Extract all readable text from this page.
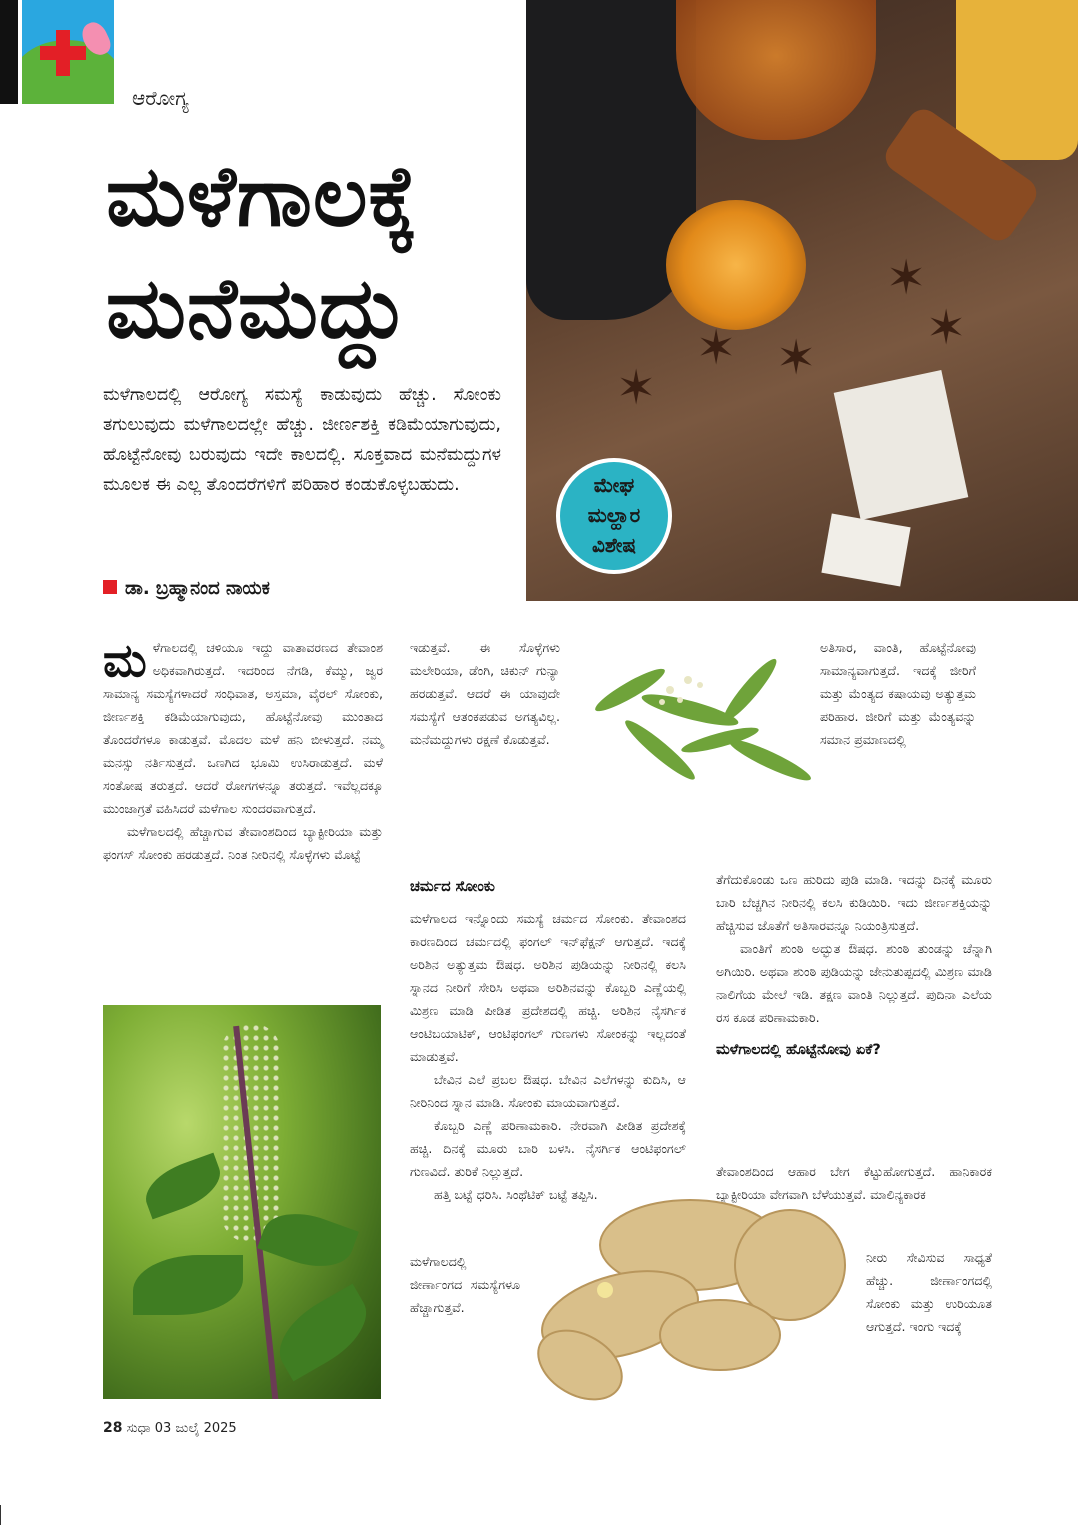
ಆರೋಗ್ಯ
ಮಳೆಗಾಲಕ್ಕೆ
ಮನೆಮದ್ದು	✶
✶ ✶
✶
✶
ಮೇಘ
ಮಲ್ಹಾರ
ವಿಶೇಷ
ಮಳೆಗಾಲದಲ್ಲಿ ಆರೋಗ್ಯ ಸಮಸ್ಯೆ ಕಾಡುವುದು ಹೆಚ್ಚು. ಸೋಂಕು ತಗುಲುವುದು ಮಳೆಗಾಲದಲ್ಲೇ ಹೆಚ್ಚು. ಜೀರ್ಣಶಕ್ತಿ ಕಡಿಮೆಯಾಗುವುದು, ಹೊಟ್ಟೆನೋವು ಬರುವುದು ಇದೇ ಕಾಲದಲ್ಲಿ. ಸೂಕ್ತವಾದ ಮನೆಮದ್ದುಗಳ ಮೂಲಕ ಈ ಎಲ್ಲ ತೊಂದರೆಗಳಿಗೆ ಪರಿಹಾರ ಕಂಡುಕೊಳ್ಳಬಹುದು.
ಡಾ. ಬ್ರಹ್ಮಾನಂದ ನಾಯಕ

ಮಳೆಗಾಲದಲ್ಲಿ ಚಳಿಯೂ ಇದ್ದು ವಾತಾವರಣದ ತೇವಾಂಶ ಅಧಿಕವಾಗಿರುತ್ತದೆ. ಇದರಿಂದ ನೆಗಡಿ, ಕೆಮ್ಮು, ಜ್ವರ ಸಾಮಾನ್ಯ ಸಮಸ್ಯೆಗಳಾದರೆ ಸಂಧಿವಾತ, ಅಸ್ತಮಾ, ವೈರಲ್ ಸೋಂಕು, ಜೀರ್ಣಶಕ್ತಿ ಕಡಿಮೆಯಾಗುವುದು, ಹೊಟ್ಟೆನೋವು ಮುಂತಾದ ತೊಂದರೆಗಳೂ ಕಾಡುತ್ತವೆ. ಮೊದಲ ಮಳೆ ಹನಿ ಬೀಳುತ್ತದೆ. ನಮ್ಮ ಮನಸ್ಸು ನರ್ತಿಸುತ್ತದೆ. ಒಣಗಿದ ಭೂಮಿ ಉಸಿರಾಡುತ್ತದೆ. ಮಳೆ ಸಂತೋಷ ತರುತ್ತದೆ. ಆದರೆ ರೋಗಗಳನ್ನೂ ತರುತ್ತದೆ. ಇವೆಲ್ಲದಕ್ಕೂ ಮುಂಜಾಗ್ರತೆ ವಹಿಸಿದರೆ ಮಳೆಗಾಲ ಸುಂದರವಾಗುತ್ತದೆ.

ಮಳೆಗಾಲದಲ್ಲಿ ಹೆಚ್ಚಾಗುವ ತೇವಾಂಶದಿಂದ ಬ್ಯಾಕ್ಟೀರಿಯಾ ಮತ್ತು ಫಂಗಸ್ ಸೋಂಕು ಹರಡುತ್ತದೆ. ನಿಂತ ನೀರಿನಲ್ಲಿ ಸೊಳ್ಳೆಗಳು ಮೊಟ್ಟೆ

ಇಡುತ್ತವೆ. ಈ ಸೊಳ್ಳೆಗಳು ಮಲೇರಿಯಾ, ಡೆಂಗಿ, ಚಿಕುನ್ ಗುನ್ಯಾ ಹರಡುತ್ತವೆ. ಆದರೆ ಈ ಯಾವುದೇ ಸಮಸ್ಯೆಗೆ ಆತಂಕಪಡುವ ಅಗತ್ಯವಿಲ್ಲ. ಮನೆಮದ್ದುಗಳು ರಕ್ಷಣೆ ಕೊಡುತ್ತವೆ.
ಚರ್ಮದ ಸೋಂಕು

ಮಳೆಗಾಲದ ಇನ್ನೊಂದು ಸಮಸ್ಯೆ ಚರ್ಮದ ಸೋಂಕು. ತೇವಾಂಶದ ಕಾರಣದಿಂದ ಚರ್ಮದಲ್ಲಿ ಫಂಗಲ್ ಇನ್‌ಫೆಕ್ಷನ್ ಆಗುತ್ತದೆ. ಇದಕ್ಕೆ ಅರಿಶಿನ ಅತ್ಯುತ್ತಮ ಔಷಧ. ಅರಿಶಿನ ಪುಡಿಯನ್ನು ನೀರಿನಲ್ಲಿ ಕಲಸಿ ಸ್ನಾನದ ನೀರಿಗೆ ಸೇರಿಸಿ ಅಥವಾ ಅರಿಶಿನವನ್ನು ಕೊಬ್ಬರಿ ಎಣ್ಣೆಯಲ್ಲಿ ಮಿಶ್ರಣ ಮಾಡಿ ಪೀಡಿತ ಪ್ರದೇಶದಲ್ಲಿ ಹಚ್ಚಿ. ಅರಿಶಿನ ನೈಸರ್ಗಿಕ ಆಂಟಿಬಯಾಟಿಕ್, ಆಂಟಿಫಂಗಲ್ ಗುಣಗಳು ಸೋಂಕನ್ನು ಇಲ್ಲದಂತೆ ಮಾಡುತ್ತವೆ.

ಬೇವಿನ ಎಲೆ ಪ್ರಬಲ ಔಷಧ. ಬೇವಿನ ಎಲೆಗಳನ್ನು ಕುದಿಸಿ, ಆ ನೀರಿನಿಂದ ಸ್ನಾನ ಮಾಡಿ. ಸೋಂಕು ಮಾಯವಾಗುತ್ತದೆ.

ಕೊಬ್ಬರಿ ಎಣ್ಣೆ ಪರಿಣಾಮಕಾರಿ. ನೇರವಾಗಿ ಪೀಡಿತ ಪ್ರದೇಶಕ್ಕೆ ಹಚ್ಚಿ. ದಿನಕ್ಕೆ ಮೂರು ಬಾರಿ ಬಳಸಿ. ನೈಸರ್ಗಿಕ ಆಂಟಿಫಂಗಲ್ ಗುಣವಿದೆ. ತುರಿಕೆ ನಿಲ್ಲುತ್ತದೆ.

ಹತ್ತಿ ಬಟ್ಟೆ ಧರಿಸಿ. ಸಿಂಥೆಟಿಕ್ ಬಟ್ಟೆ ತಪ್ಪಿಸಿ.

ಮಳೆಗಾಲದಲ್ಲಿ ಜೀರ್ಣಾಂಗದ ಸಮಸ್ಯೆಗಳೂ ಹೆಚ್ಚಾಗುತ್ತವೆ.
ಅತಿಸಾರ, ವಾಂತಿ, ಹೊಟ್ಟೆನೋವು ಸಾಮಾನ್ಯವಾಗುತ್ತದೆ. ಇದಕ್ಕೆ ಜೀರಿಗೆ ಮತ್ತು ಮೆಂತ್ಯದ ಕಷಾಯವು ಅತ್ಯುತ್ತಮ ಪರಿಹಾರ. ಜೀರಿಗೆ ಮತ್ತು ಮೆಂತ್ಯವನ್ನು ಸಮಾನ ಪ್ರಮಾಣದಲ್ಲಿ

ತೆಗೆದುಕೊಂಡು ಒಣ ಹುರಿದು ಪುಡಿ ಮಾಡಿ. ಇದನ್ನು ದಿನಕ್ಕೆ ಮೂರು ಬಾರಿ ಬೆಚ್ಚಗಿನ ನೀರಿನಲ್ಲಿ ಕಲಸಿ ಕುಡಿಯಿರಿ. ಇದು ಜೀರ್ಣಶಕ್ತಿಯನ್ನು ಹೆಚ್ಚಿಸುವ ಜೊತೆಗೆ ಅತಿಸಾರವನ್ನೂ ನಿಯಂತ್ರಿಸುತ್ತದೆ.

ವಾಂತಿಗೆ ಶುಂಠಿ ಅದ್ಭುತ ಔಷಧ. ಶುಂಠಿ ತುಂಡನ್ನು ಚೆನ್ನಾಗಿ ಅಗಿಯಿರಿ. ಅಥವಾ ಶುಂಠಿ ಪುಡಿಯನ್ನು ಜೇನುತುಪ್ಪದಲ್ಲಿ ಮಿಶ್ರಣ ಮಾಡಿ ನಾಲಿಗೆಯ ಮೇಲೆ ಇಡಿ. ತಕ್ಷಣ ವಾಂತಿ ನಿಲ್ಲುತ್ತದೆ. ಪುದಿನಾ ಎಲೆಯ ರಸ ಕೂಡ ಪರಿಣಾಮಕಾರಿ.

ಮಳೆಗಾಲದಲ್ಲಿ ಹೊಟ್ಟೆನೋವು ಏಕೆ?
ತೇವಾಂಶದಿಂದ ಆಹಾರ ಬೇಗ ಕೆಟ್ಟುಹೋಗುತ್ತದೆ. ಹಾನಿಕಾರಕ ಬ್ಯಾಕ್ಟೀರಿಯಾ ವೇಗವಾಗಿ ಬೆಳೆಯುತ್ತವೆ. ಮಾಲಿನ್ಯಕಾರಕ
ನೀರು ಸೇವಿಸುವ ಸಾಧ್ಯತೆ ಹೆಚ್ಚು. ಜೀರ್ಣಾಂಗದಲ್ಲಿ ಸೋಂಕು ಮತ್ತು ಉರಿಯೂತ ಆಗುತ್ತದೆ. ಇಂಗು ಇದಕ್ಕೆ
28 ಸುಧಾ 03 ಜುಲೈ 2025
